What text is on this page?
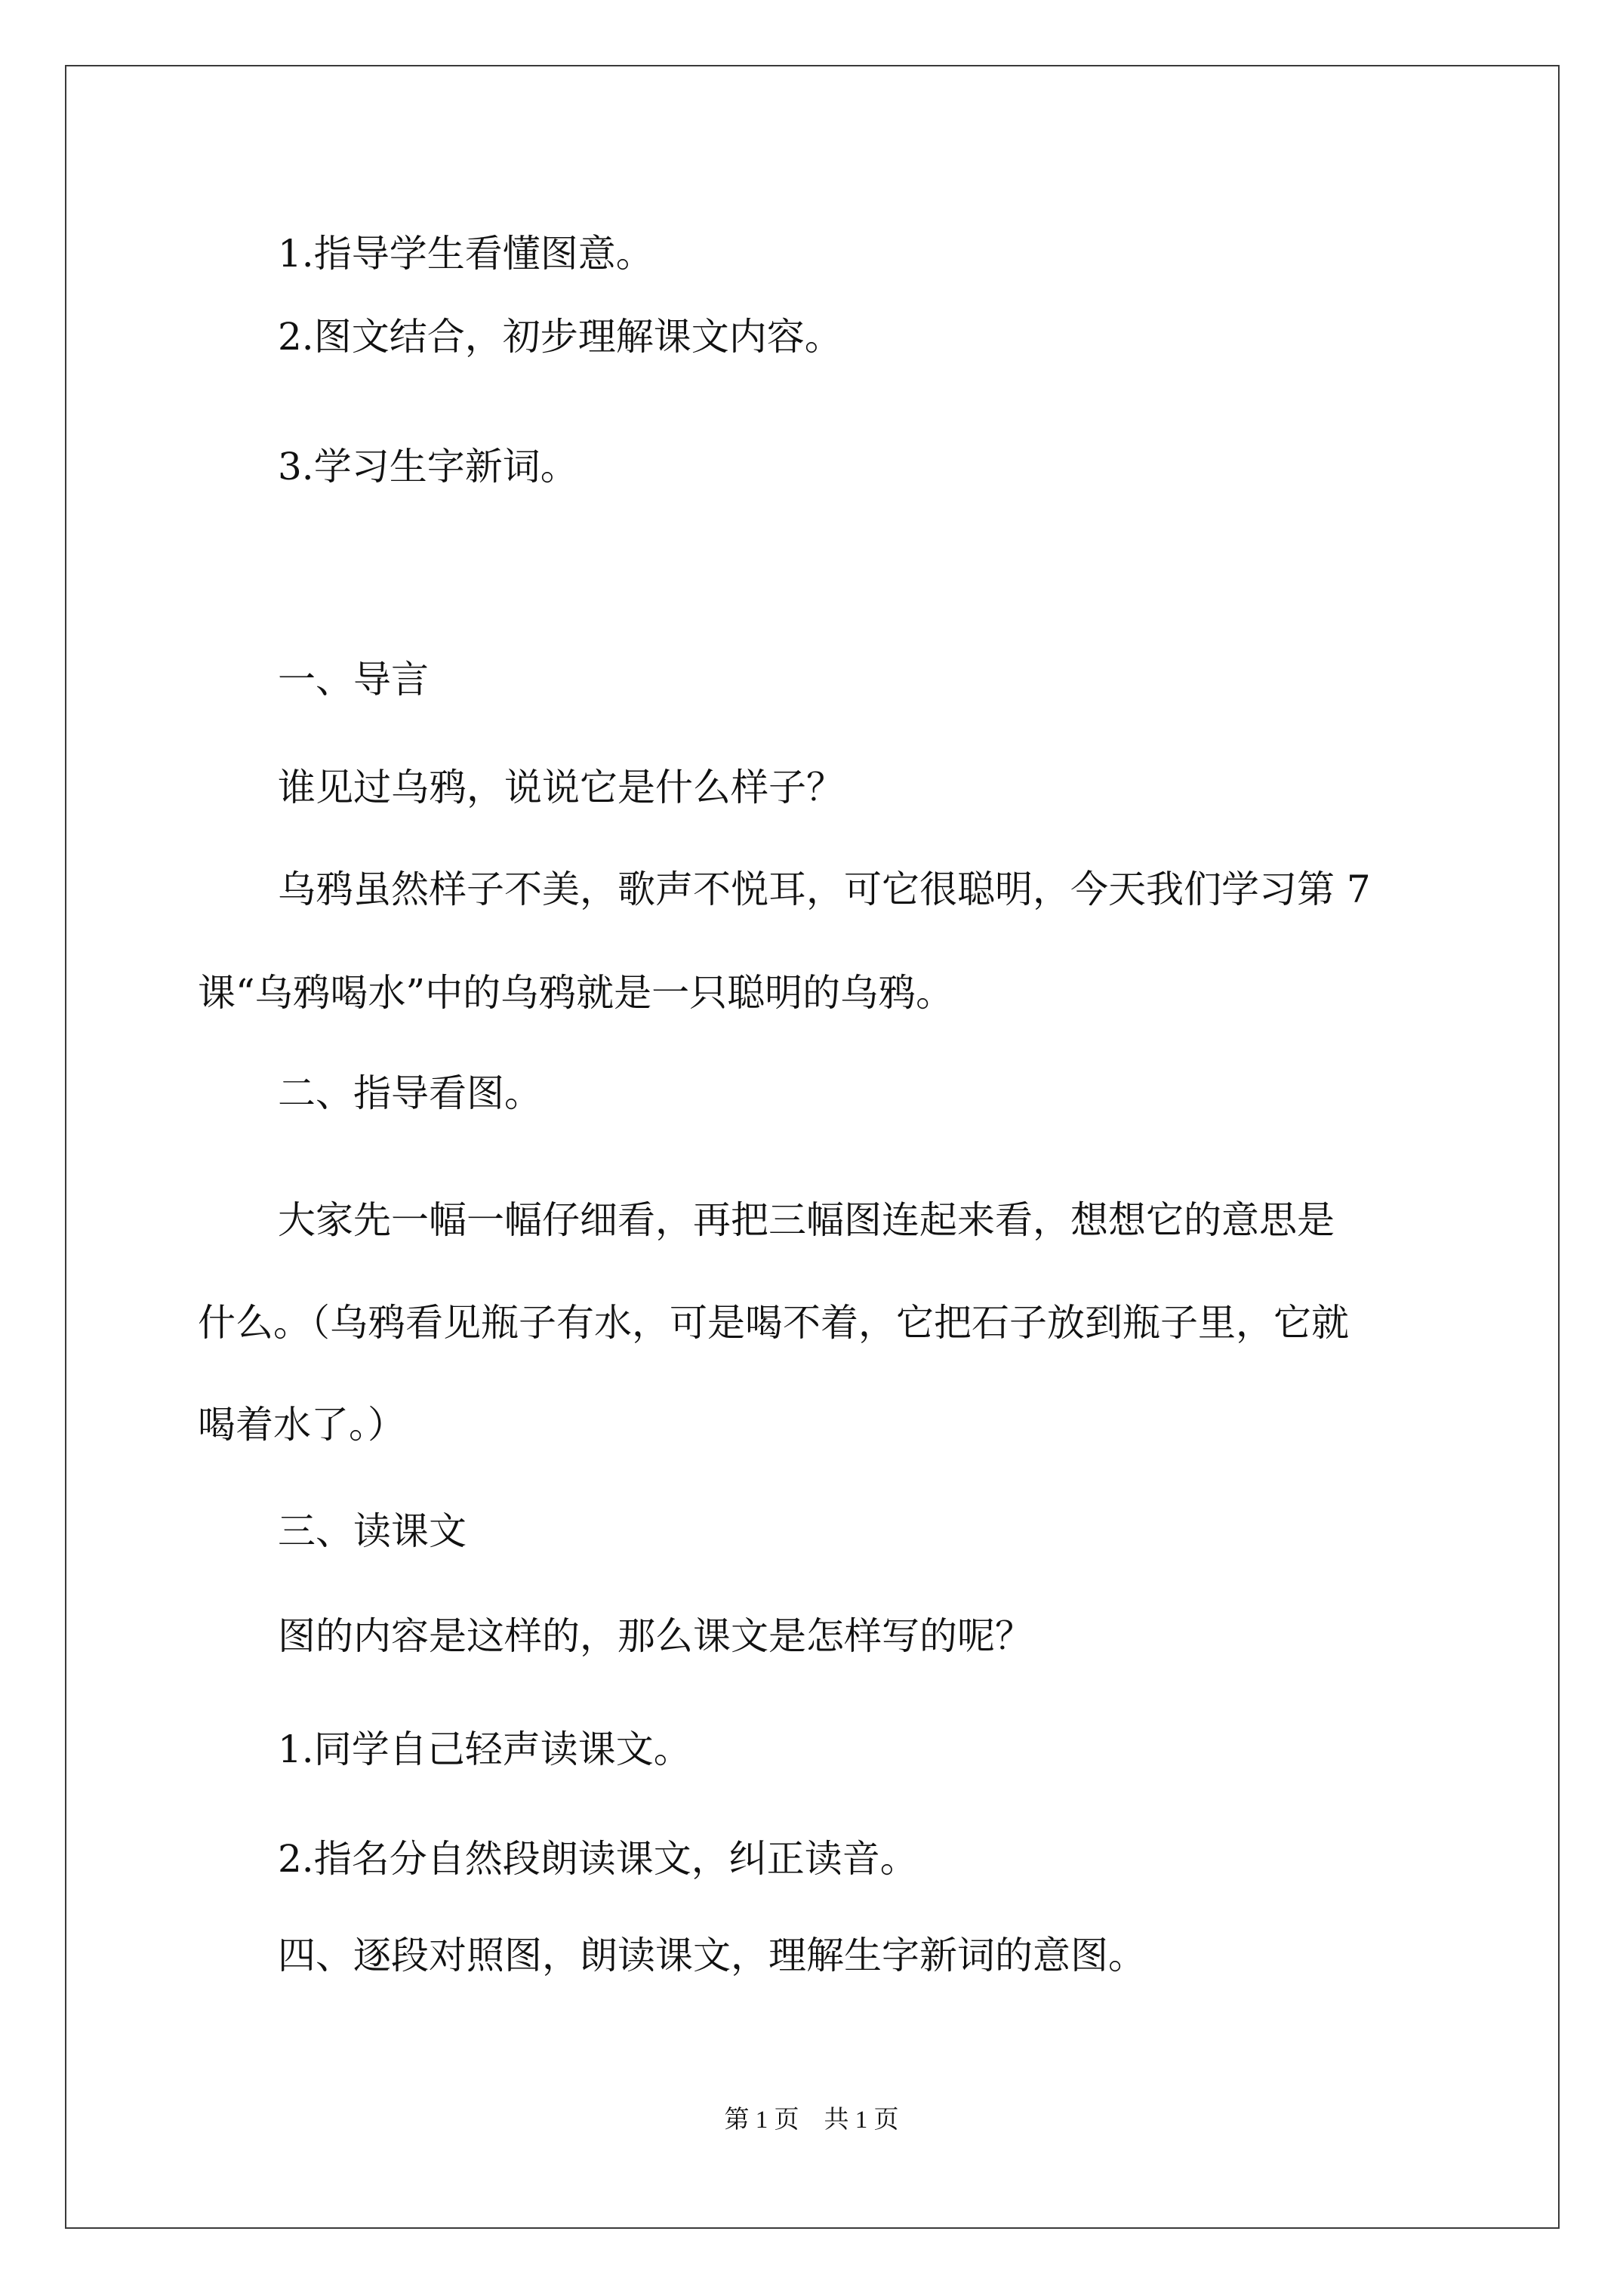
1.指导学生看懂图意。
2.图文结合，初步理解课文内容。
3.学习生字新词。
一、导言
谁见过乌鸦，说说它是什么样子？
乌鸦虽然样子不美，歌声不悦耳，可它很聪明，今天我们学习第 7
课“乌鸦喝水”中的乌鸦就是一只聪明的乌鸦。
二、指导看图。
大家先一幅一幅仔细看，再把三幅图连起来看，想想它的意思是
什么。（乌鸦看见瓶子有水，可是喝不着，它把石子放到瓶子里，它就
喝着水了。）
三、读课文
图的内容是这样的，那么课文是怎样写的呢？
1.同学自己轻声读课文。
2.指名分自然段朗读课文，纠正读音。
四、逐段对照图，朗读课文，理解生字新词的意图。
第 1 页　共 1 页
